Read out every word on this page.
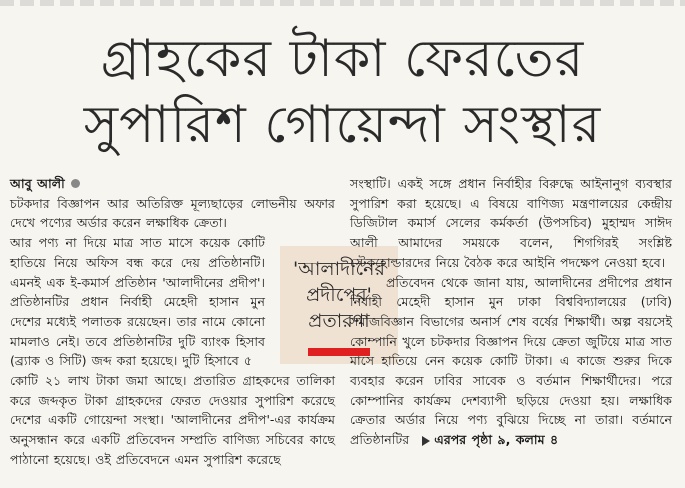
গ্রাহকের টাকা ফেরতের
সুপারিশ গোয়েন্দা সংস্থার
আবু আলী

চটকদার বিজ্ঞাপন আর অতিরিক্ত মূল্যছাড়ের লোভনীয় অফার দেখে পণ্যের অর্ডার করেন লক্ষাধিক ক্রেতা।

আর পণ্য না দিয়ে মাত্র সাত মাসে কয়েক কোটি হাতিয়ে নিয়ে অফিস বন্ধ করে দেয় প্রতিষ্ঠানটি। এমনই এক ই-কমার্স প্রতিষ্ঠান 'আলাদীনের প্রদীপ'। প্রতিষ্ঠানটির প্রধান নির্বাহী মেহেদী হাসান মুন দেশের মধ্যেই পলাতক রয়েছেন। তার নামে কোনো মামলাও নেই। তবে প্রতিষ্ঠানটির দুটি ব্যাংক হিসাব (ব্র্যাক ও সিটি) জব্দ করা হয়েছে। দুটি হিসাবে ৫

কোটি ২১ লাখ টাকা জমা আছে। প্রতারিত গ্রাহকদের তালিকা করে জব্দকৃত টাকা গ্রাহকদের ফেরত দেওয়ার সুপারিশ করেছে দেশের একটি গোয়েন্দা সংস্থা। 'আলাদীনের প্রদীপ'-এর কার্যক্রম অনুসন্ধান করে একটি প্রতিবেদন সম্প্রতি বাণিজ্য সচিবের কাছে পাঠানো হয়েছে। ওই প্রতিবেদনে এমন সুপারিশ করেছে

'আলাদীনের
প্রদীপের'
প্রতারণা

সংস্থাটি। একই সঙ্গে প্রধান নির্বাহীর বিরুদ্ধে আইনানুগ ব্যবস্থার সুপারিশ করা হয়েছে। এ বিষয়ে বাণিজ্য মন্ত্রণালয়ের কেন্দ্রীয় ডিজিটাল কমার্স সেলের কর্মকর্তা (উপসচিব) মুহাম্মদ সাঈদ আলী আমাদের সময়কে বলেন, শিগগিরই সংশ্লিষ্ট স্টেকহোল্ডারদের নিয়ে বৈঠক করে আইনি পদক্ষেপ নেওয়া হবে।

প্রতিবেদন থেকে জানা যায়, আলাদীনের প্রদীপের প্রধান নির্বাহী মেহেদী হাসান মুন ঢাকা বিশ্ববিদ্যালয়ের (ঢাবি) সমাজবিজ্ঞান বিভাগের অনার্স শেষ বর্ষের শিক্ষার্থী। অল্প বয়সেই কোম্পানি খুলে চটকদার বিজ্ঞাপন দিয়ে ক্রেতা জুটিয়ে মাত্র সাত মাসে হাতিয়ে নেন কয়েক কোটি টাকা। এ কাজে শুরুর দিকে ব্যবহার করেন ঢাবির সাবেক ও বর্তমান শিক্ষার্থীদের। পরে কোম্পানির কার্যক্রম দেশব্যাপী ছড়িয়ে দেওয়া হয়। লক্ষাধিক ক্রেতার অর্ডার নিয়ে পণ্য বুঝিয়ে দিচ্ছে না তারা। বর্তমানে প্রতিষ্ঠানটির এরপর পৃষ্ঠা ৯, কলাম ৪
